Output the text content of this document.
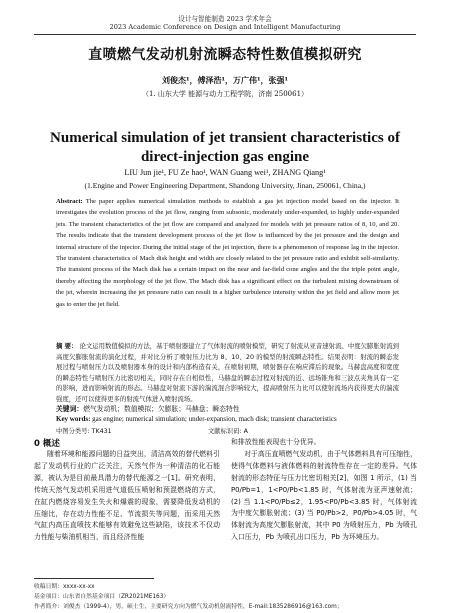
设计与智能制造 2023 学术年会
2023 Academic Conference on Design and Intelligent Manufacturing
直喷燃气发动机射流瞬态特性数值模拟研究
刘俊杰¹，傅泽浩¹，万广伟¹，张强¹
（1. 山东大学 能源与动力工程学院，济南 250061）
Numerical simulation of jet transient characteristics of
direct-injection gas engine
LIU Jun jie¹, FU Ze hao¹, WAN Guang wei¹, ZHANG Qiang¹
(1.Engine and Power Engineering Department, Shandong University, Jinan, 250061, China,)

Abstract: The paper applies numerical simulation methods to establish a gas jet injection model based on the injector. It investigates the evolution process of the jet flow, ranging from subsonic, moderately under-expanded, to highly under-expanded jets. The transient characteristics of the jet flow are compared and analyzed for models with jet pressure ratios of 8, 10, and 20. The results indicate that the transient development process of the jet flow is influenced by the jet pressure and the design and internal structure of the injector. During the initial stage of the jet injection, there is a phenomenon of response lag in the injector. The transient characteristics of Mach disk height and width are closely related to the jet pressure ratio and exhibit self-similarity. The transient process of the Mach disk has a certain impact on the near and far-field cone angles and the the triple point angle, thereby affecting the morphology of the jet flow. The Mach disk has a significant effect on the turbulent mixing downstream of the jet, wherein increasing the jet pressure ratio can result in a higher turbulence intensity within the jet field and allow more jet gas to enter the jet field.

摘 要： 论文运用数值模拟的方法，基于喷射器建立了气体射流的喷射模型，研究了射流从亚音速射流、中度欠膨胀射流到高度欠膨胀射流的演化过程，并对比分析了喷射压力比为 8、10、20 的模型的射流瞬态特性。结果表明：射流的瞬态发展过程与喷射压力以及喷射器本身的设计和内部构造有关，在喷射初期，喷射器存在响应滞后的现象。马赫盘高度和宽度的瞬态特性与喷射压力比密切相关，同时存在自相似性，马赫盘的瞬态过程对射流的近、远场锥角和三波点夹角具有一定的影响，进而影响射流的形态。马赫盘对射流下游的湍流混合影响较大，提高喷射压力比可以使射流场内获得更大的湍流强度，还可以使得更多的射流气体进入喷射流场。

关键词：燃气发动机；数值模拟；欠膨胀；马赫盘；瞬态特性
Key words: gas engine; numerical simulation; under-expansion, mach disk; transient characteristics
中图分类号: TK431	文献标识码: A
0 概述

随着环境和能源问题的日益突出，清洁高效的替代燃料引起了发动机行业的广泛关注，天然气作为一种清洁的化石能源，被认为是目前最具潜力的替代能源之一[1]。研究表明，传统天然气发动机采用进气道低压喷射和预混燃烧的方式，在缸内燃烧容易发生失火和爆震的现象，需要降低发动机的压缩比，存在动力性能不足、节流损失等问题，而采用天然气缸内高压直喷技术能够有效避免这些缺陷，该技术不仅动力性能与柴油机相当，而且经济性能

和排放性能表现也十分优异。

对于高压直喷燃气发动机，由于气体燃料具有可压缩性，使得气体燃料与液体燃料的射流特性存在一定的差异。气体射流的形态特征与压力比密切相关[2]，如图 1 所示，(1) 当 P0/Pb=1，1<P0/Pb<1.85 时，气体射流为亚声速射流；(2) 当 1.1<P0/Pb≤2，1.95<P0/Pb<3.85 时，气体射流为中度欠膨胀射流；(3) 当 P0/Pb>2，P0/Pb>4.05 时，气体射流为高度欠膨胀射流，其中 P0 为喷射压力，Pb 为喷孔入口压力，Pb 为喷孔出口压力，Pb 为环境压力。

收稿日期：xxxx-xx-xx
基金项目：山东省自然基金项目（ZR2021ME163）
作者简介：刘俊杰（1999-4），男，硕士生，主要研究方向为燃气发动机射流特性，E-mail:1835286916@163.com；
